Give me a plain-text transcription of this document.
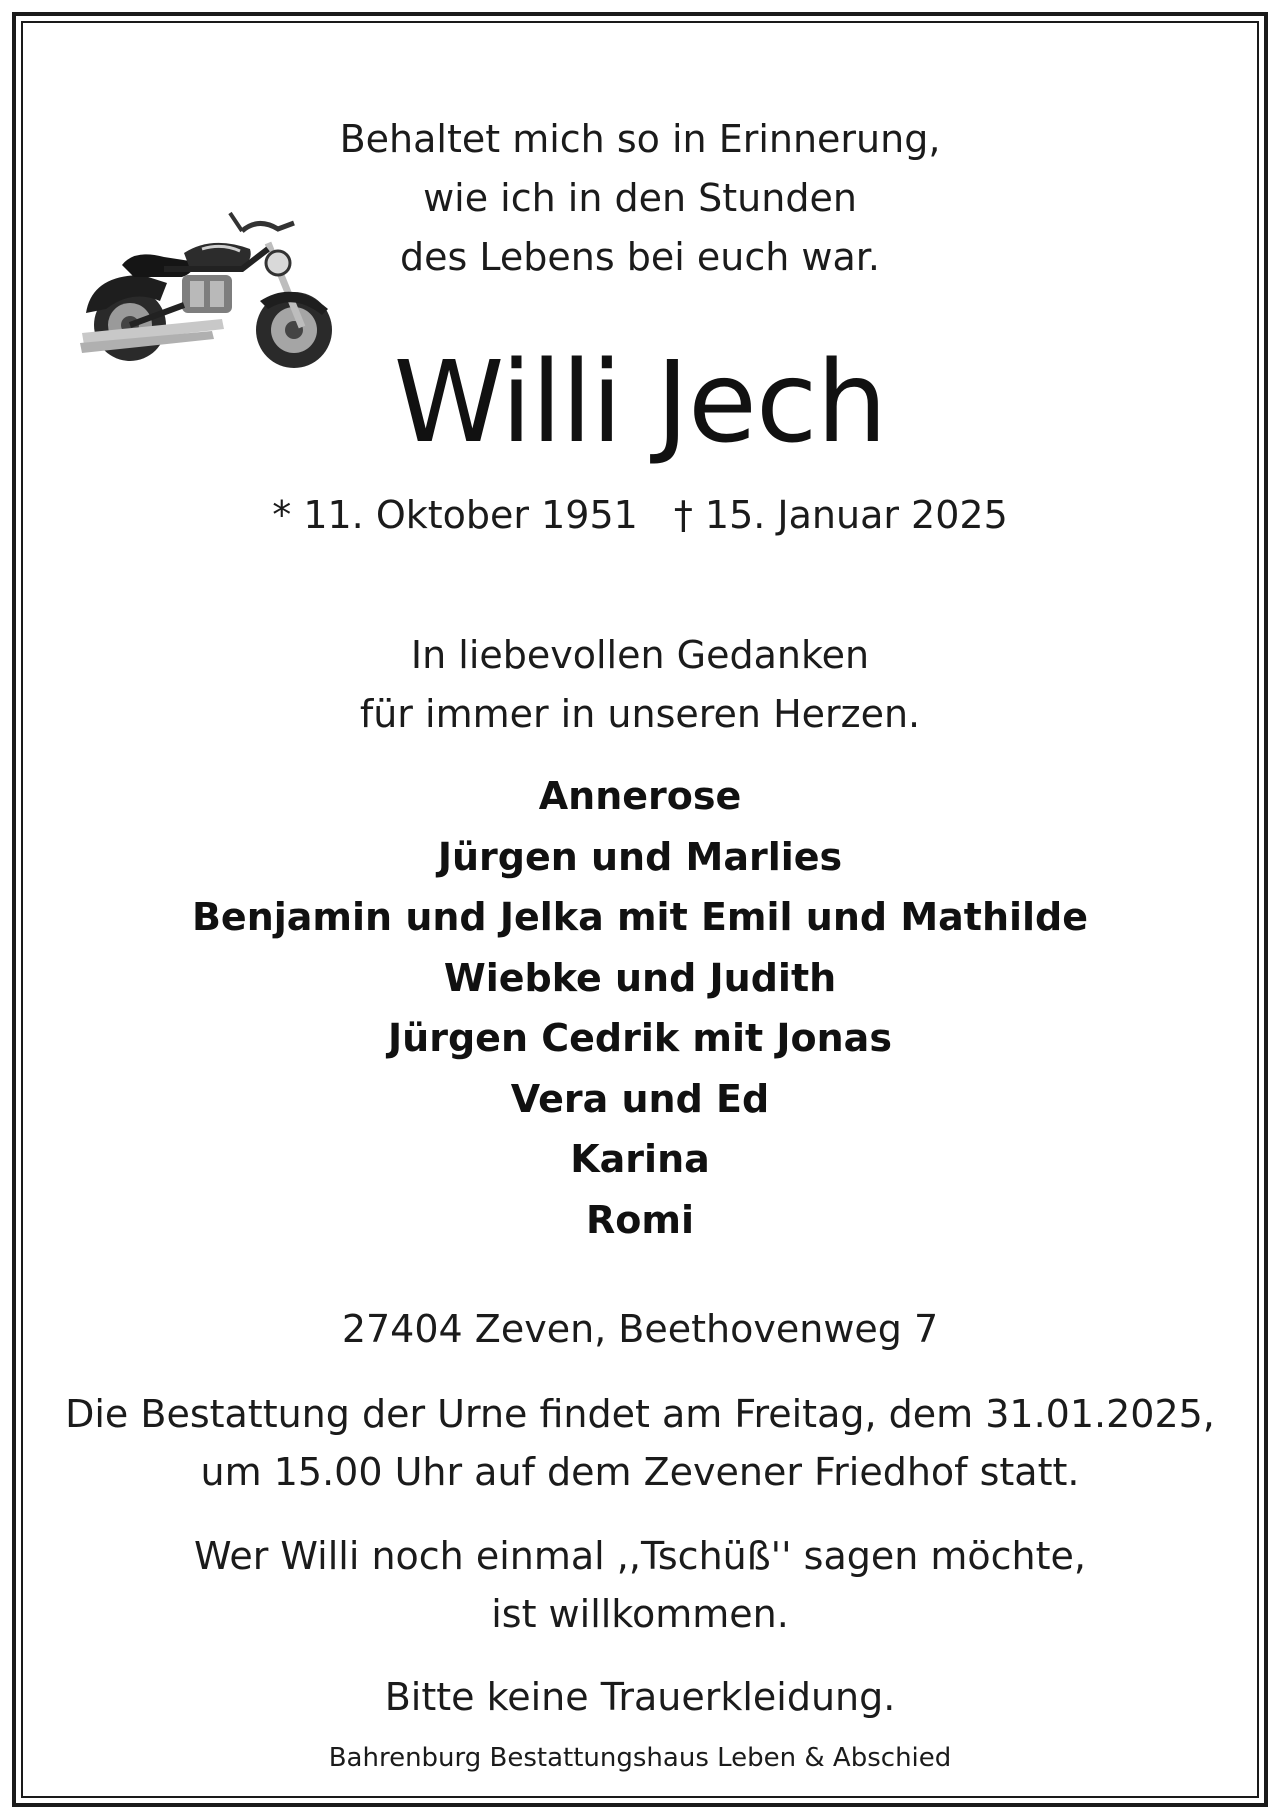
Behaltet mich so in Erinnerung,
wie ich in den Stunden
des Lebens bei euch war.
Willi Jech
* 11. Oktober 1951 † 15. Januar 2025
In liebevollen Gedanken
für immer in unseren Herzen.
Annerose
Jürgen und Marlies
Benjamin und Jelka mit Emil und Mathilde
Wiebke und Judith
Jürgen Cedrik mit Jonas
Vera und Ed
Karina
Romi
27404 Zeven, Beethovenweg 7
Die Bestattung der Urne findet am Freitag, dem 31.01.2025,
um 15.00 Uhr auf dem Zevener Friedhof statt.
Wer Willi noch einmal ,,Tschüß'' sagen möchte,
ist willkommen.
Bitte keine Trauerkleidung.
Bahrenburg Bestattungshaus Leben & Abschied
